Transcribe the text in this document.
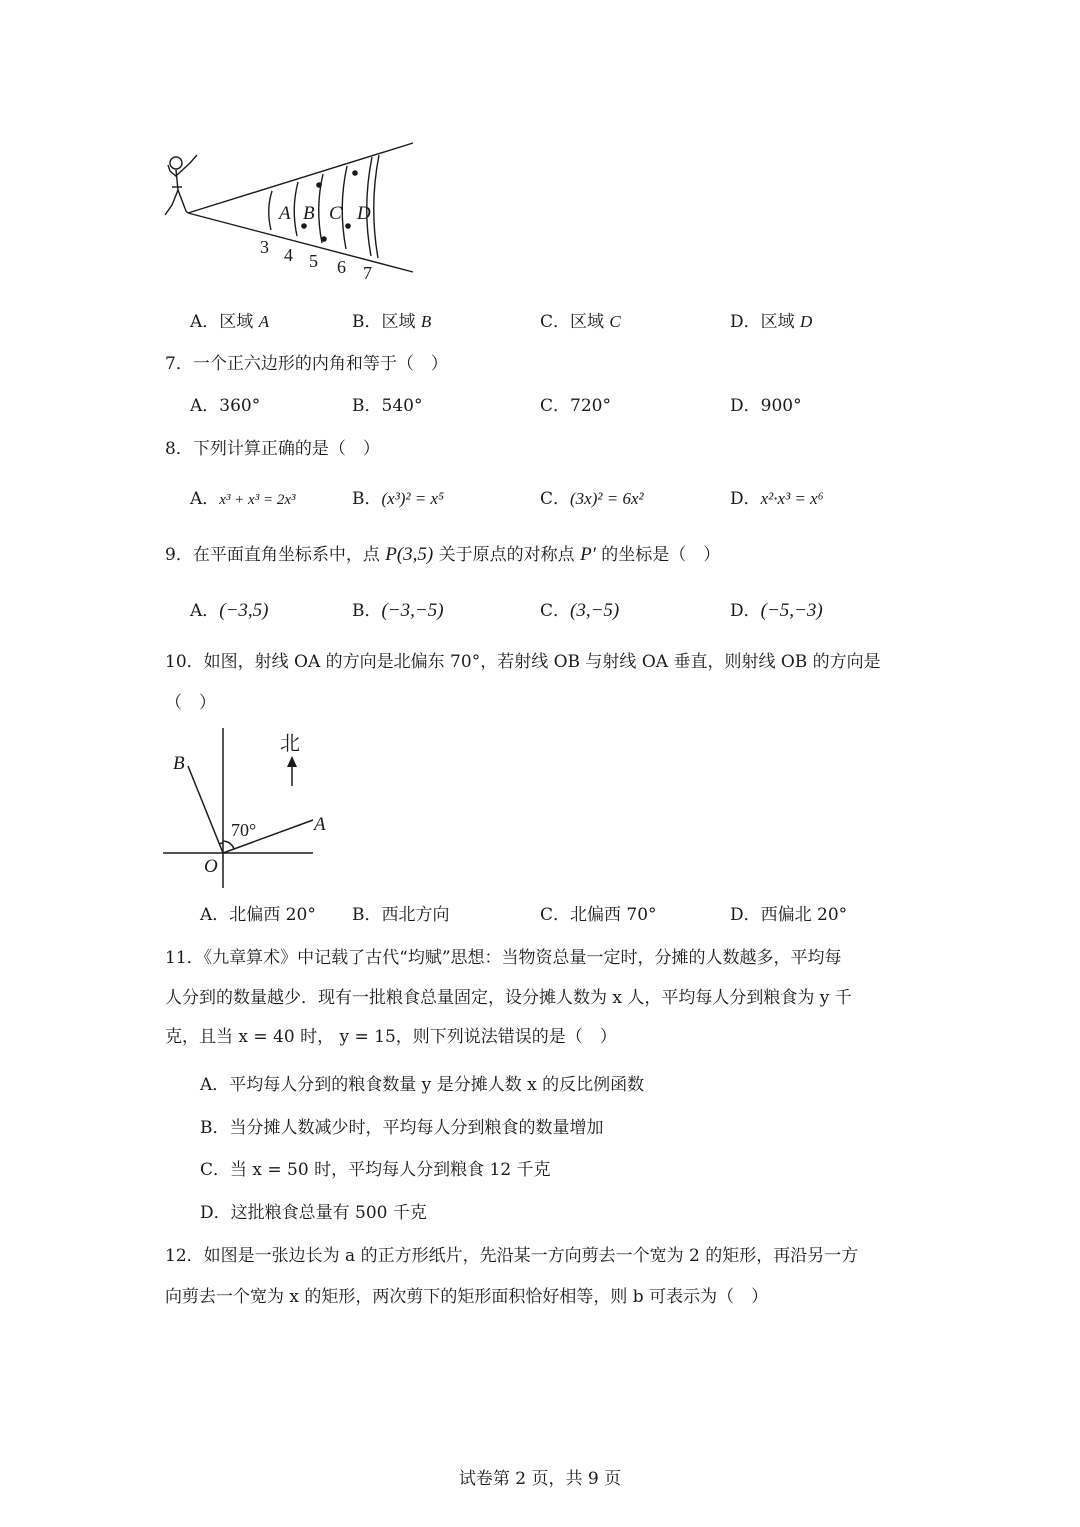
A B C D
3 4 5 6 7
A．区域 A	B．区域 B	C．区域 C	D．区域 D
7．一个正六边形的内角和等于（　）
A．360°	B．540°	C．720°	D．900°
8．下列计算正确的是（　）
A．x³ + x³ = 2x³	B．(x³)² = x⁵	C．(3x)² = 6x²	D．x²·x³ = x⁶
9．在平面直角坐标系中，点 P(3,5) 关于原点的对称点 P′ 的坐标是（　）
A．(−3,5)	B．(−3,−5)	C．(3,−5)	D．(−5,−3)
10．如图，射线 OA 的方向是北偏东 70°，若射线 OB 与射线 OA 垂直，则射线 OB 的方向是
（　）
北
70°	A
B
O
A．北偏西 20° B．西北方向	C．北偏西 70°	D．西偏北 20°
11．《九章算术》中记载了古代“均赋”思想：当物资总量一定时，分摊的人数越多，平均每
人分到的数量越少．现有一批粮食总量固定，设分摊人数为 x 人，平均每人分到粮食为 y 千
克，且当 x = 40 时， y = 15，则下列说法错误的是（　）
A．平均每人分到的粮食数量 y 是分摊人数 x 的反比例函数
B．当分摊人数减少时，平均每人分到粮食的数量增加
C．当 x = 50 时，平均每人分到粮食 12 千克
D．这批粮食总量有 500 千克
12．如图是一张边长为 a 的正方形纸片，先沿某一方向剪去一个宽为 2 的矩形，再沿另一方
向剪去一个宽为 x 的矩形，两次剪下的矩形面积恰好相等，则 b 可表示为（　）
试卷第 2 页，共 9 页
